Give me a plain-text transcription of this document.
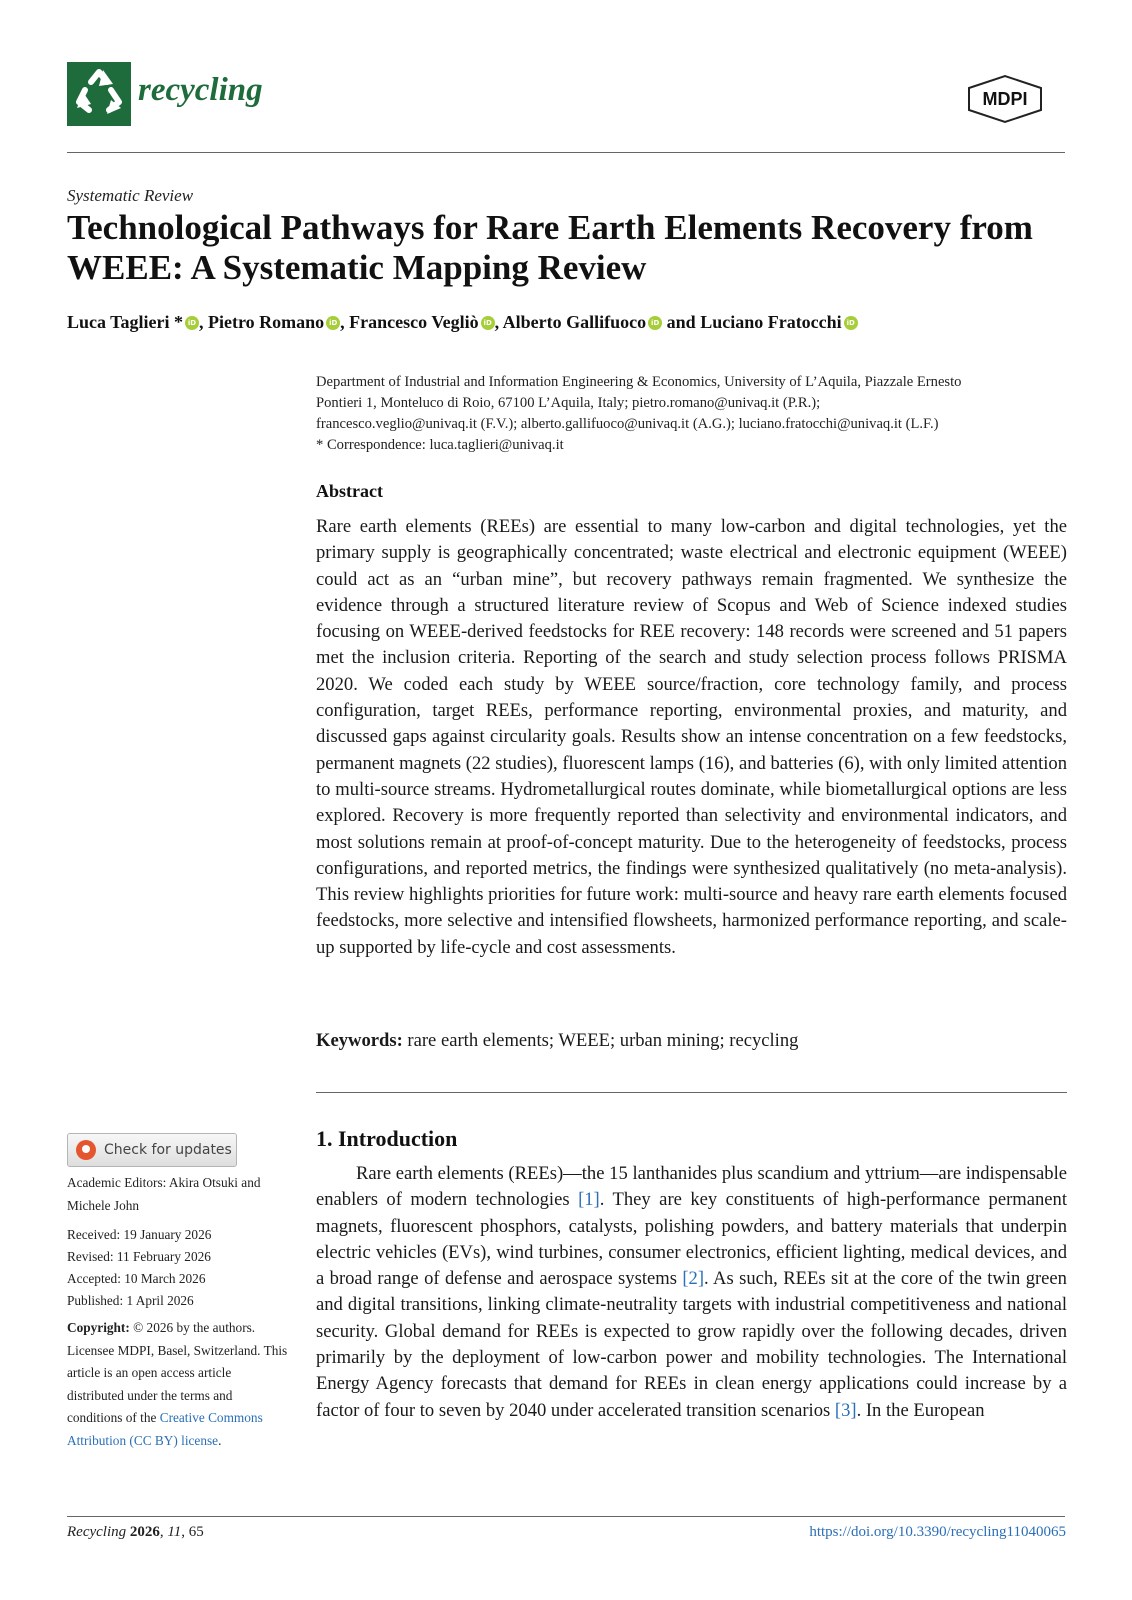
recycling	MDPI
Systematic Review
Technological Pathways for Rare Earth Elements Recovery from WEEE: A Systematic Mapping Review
Luca Taglieri * iD , Pietro Romano iD , Francesco Vegliò iD , Alberto Gallifuoco iD and Luciano Fratocchi iD
Department of Industrial and Information Engineering & Economics, University of L’Aquila, Piazzale Ernesto
Pontieri 1, Monteluco di Roio, 67100 L’Aquila, Italy; pietro.romano@univaq.it (P.R.);
francesco.veglio@univaq.it (F.V.); alberto.gallifuoco@univaq.it (A.G.); luciano.fratocchi@univaq.it (L.F.)
* Correspondence: luca.taglieri@univaq.it
Abstract
Rare earth elements (REEs) are essential to many low-carbon and digital technologies, yet the primary supply is geographically concentrated; waste electrical and electronic equipment (WEEE) could act as an “urban mine”, but recovery pathways remain fragmented. We synthesize the evidence through a structured literature review of Scopus and Web of Science indexed studies focusing on WEEE-derived feedstocks for REE recovery: 148 records were screened and 51 papers met the inclusion criteria. Reporting of the search and study selection process follows PRISMA 2020. We coded each study by WEEE source/fraction, core technology family, and process configuration, target REEs, performance reporting, environmental proxies, and maturity, and discussed gaps against circularity goals. Results show an intense concentration on a few feedstocks, permanent magnets (22 studies), fluorescent lamps (16), and batteries (6), with only limited attention to multi-source streams. Hydrometallurgical routes dominate, while biometallurgical options are less explored. Recovery is more frequently reported than selectivity and environmental indicators, and most solutions remain at proof-of-concept maturity. Due to the heterogeneity of feedstocks, process configurations, and reported metrics, the findings were synthesized qualitatively (no meta-analysis). This review highlights priorities for future work: multi-source and heavy rare earth elements focused feedstocks, more selective and intensified flowsheets, harmonized performance reporting, and scale-up supported by life-cycle and cost assessments.
Keywords: rare earth elements; WEEE; urban mining; recycling
Check for updates
Academic Editors: Akira Otsuki and Michele John
Received: 19 January 2026
Revised: 11 February 2026
Accepted: 10 March 2026
Published: 1 April 2026
Copyright: © 2026 by the authors. Licensee MDPI, Basel, Switzerland. This article is an open access article distributed under the terms and conditions of the Creative Commons Attribution (CC BY) license.
1. Introduction
Rare earth elements (REEs)—the 15 lanthanides plus scandium and yttrium—are indispensable enablers of modern technologies [1]. They are key constituents of high-performance permanent magnets, fluorescent phosphors, catalysts, polishing powders, and battery materials that underpin electric vehicles (EVs), wind turbines, consumer electronics, efficient lighting, medical devices, and a broad range of defense and aerospace systems [2]. As such, REEs sit at the core of the twin green and digital transitions, linking climate-neutrality targets with industrial competitiveness and national security. Global demand for REEs is expected to grow rapidly over the following decades, driven primarily by the deployment of low-carbon power and mobility technologies. The International Energy Agency forecasts that demand for REEs in clean energy applications could increase by a factor of four to seven by 2040 under accelerated transition scenarios [3]. In the European
Recycling 2026, 11, 65	https://doi.org/10.3390/recycling11040065
